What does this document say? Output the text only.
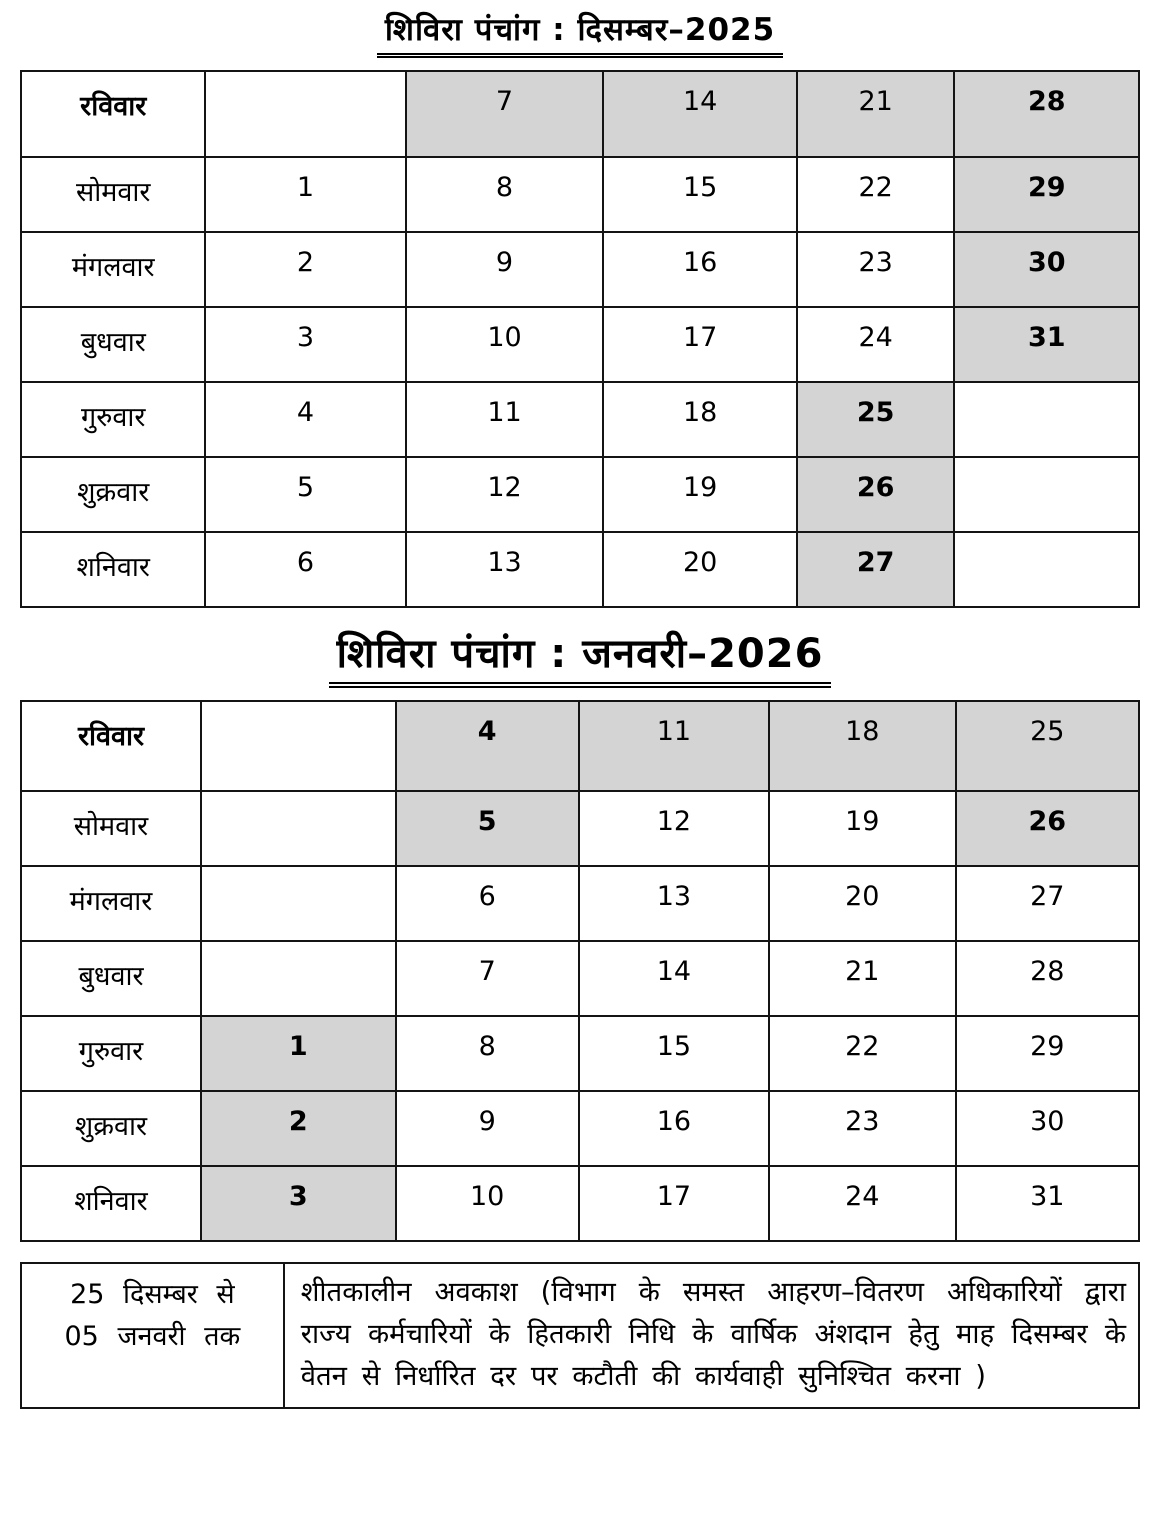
शिविरा पंचांग : दिसम्बर–2025
रविवार		7	14	21	28
सोमवार	1	8	15	22	29
मंगलवार	2	9	16	23	30
बुधवार	3	10	17	24	31
गुरुवार	4	11	18	25	
शुक्रवार	5	12	19	26	
शनिवार	6	13	20	27	
शिविरा पंचांग : जनवरी–2026
रविवार		4	11	18	25
सोमवार		5	12	19	26
मंगलवार		6	13	20	27
बुधवार		7	14	21	28
गुरुवार	1	8	15	22	29
शुक्रवार	2	9	16	23	30
शनिवार	3	10	17	24	31
25 दिसम्बर से
05 जनवरी तक
	शीतकालीन अवकाश (विभाग के समस्त आहरण–वितरण अधिकारियों द्वारा राज्य कर्मचारियों के हितकारी निधि के वार्षिक अंशदान हेतु माह दिसम्बर के वेतन से निर्धारित दर पर कटौती की कार्यवाही सुनिश्चित करना )
